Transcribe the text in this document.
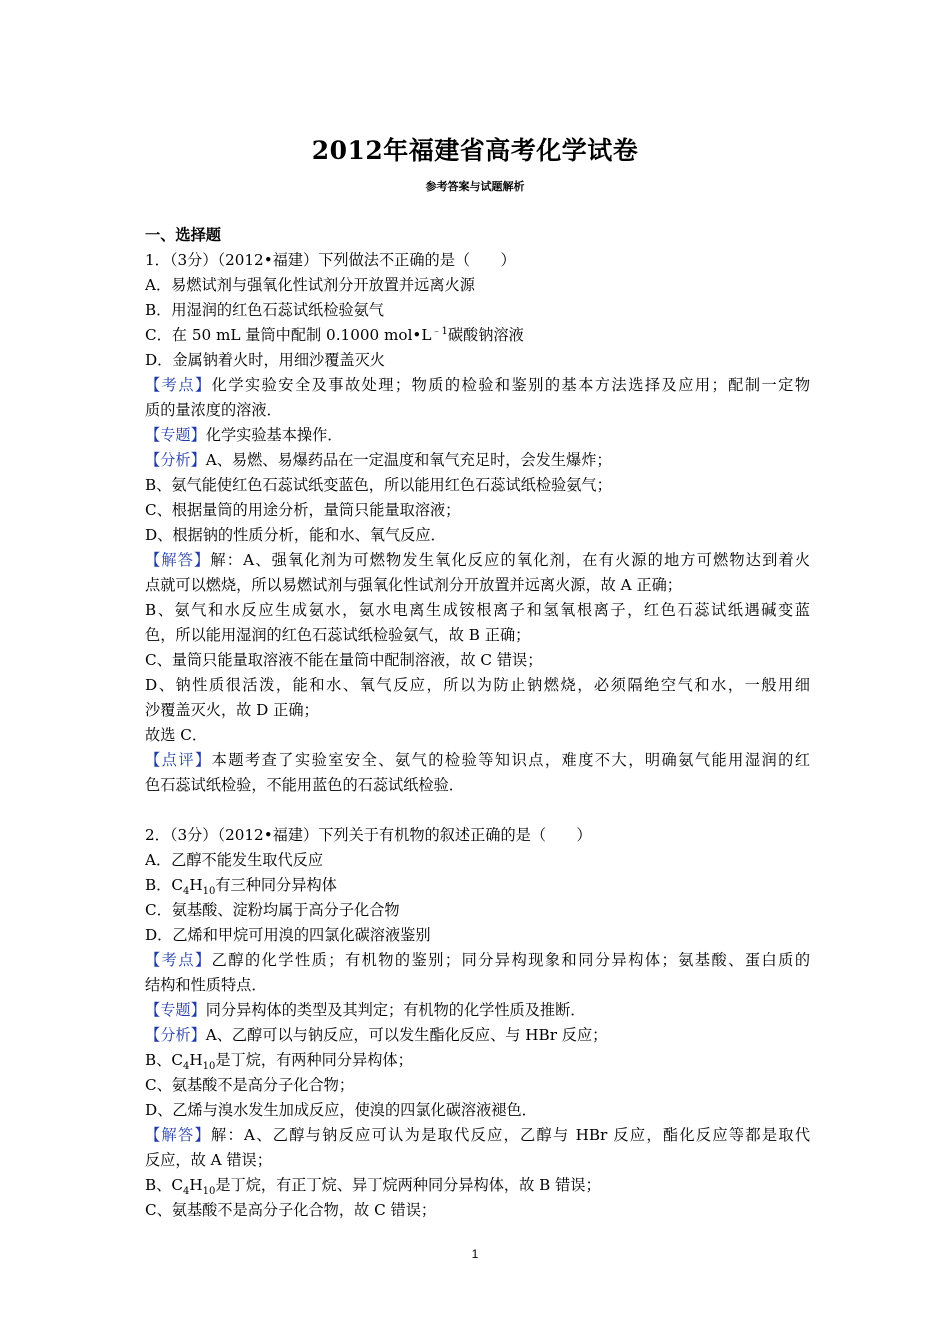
2012年福建省高考化学试卷
参考答案与试题解析
一、选择题
1．（3分）（2012•福建）下列做法不正确的是（　　）
A．易燃试剂与强氧化性试剂分开放置并远离火源
B．用湿润的红色石蕊试纸检验氨气
C．在 50 mL 量筒中配制 0.1000 $mol•L^{﹣1}$碳酸钠溶液
D．金属钠着火时，用细沙覆盖灭火
【考点】化学实验安全及事故处理；物质的检验和鉴别的基本方法选择及应用；配制一定物
质的量浓度的溶液．
【专题】化学实验基本操作．
【分析】A、易燃、易爆药品在一定温度和氧气充足时，会发生爆炸；
B、氨气能使红色石蕊试纸变蓝色，所以能用红色石蕊试纸检验氨气；
C、根据量筒的用途分析，量筒只能量取溶液；
D、根据钠的性质分析，能和水、氧气反应．
【解答】解：A、强氧化剂为可燃物发生氧化反应的氧化剂，在有火源的地方可燃物达到着火
点就可以燃烧，所以易燃试剂与强氧化性试剂分开放置并远离火源，故 A 正确；
B、氨气和水反应生成氨水，氨水电离生成铵根离子和氢氧根离子，红色石蕊试纸遇碱变蓝
色，所以能用湿润的红色石蕊试纸检验氨气，故 B 正确；
C、量筒只能量取溶液不能在量筒中配制溶液，故 C 错误；
D、钠性质很活泼，能和水、氧气反应，所以为防止钠燃烧，必须隔绝空气和水，一般用细
沙覆盖灭火，故 D 正确；
故选 C．
【点评】本题考查了实验室安全、氨气的检验等知识点，难度不大，明确氨气能用湿润的红
色石蕊试纸检验，不能用蓝色的石蕊试纸检验．
2．（3分）（2012•福建）下列关于有机物的叙述正确的是（　　）
A．乙醇不能发生取代反应
B．$C_4H_{10}$有三种同分异构体
C．氨基酸、淀粉均属于高分子化合物
D．乙烯和甲烷可用溴的四氯化碳溶液鉴别
【考点】乙醇的化学性质；有机物的鉴别；同分异构现象和同分异构体；氨基酸、蛋白质的
结构和性质特点．
【专题】同分异构体的类型及其判定；有机物的化学性质及推断．
【分析】A、乙醇可以与钠反应，可以发生酯化反应、与 HBr 反应；
B、$C_4H_{10}$是丁烷，有两种同分异构体；
C、氨基酸不是高分子化合物；
D、乙烯与溴水发生加成反应，使溴的四氯化碳溶液褪色．
【解答】解：A、乙醇与钠反应可认为是取代反应，乙醇与 HBr 反应，酯化反应等都是取代
反应，故 A 错误；
B、$C_4H_{10}$是丁烷，有正丁烷、异丁烷两种同分异构体，故 B 错误；
C、氨基酸不是高分子化合物，故 C 错误；
1
